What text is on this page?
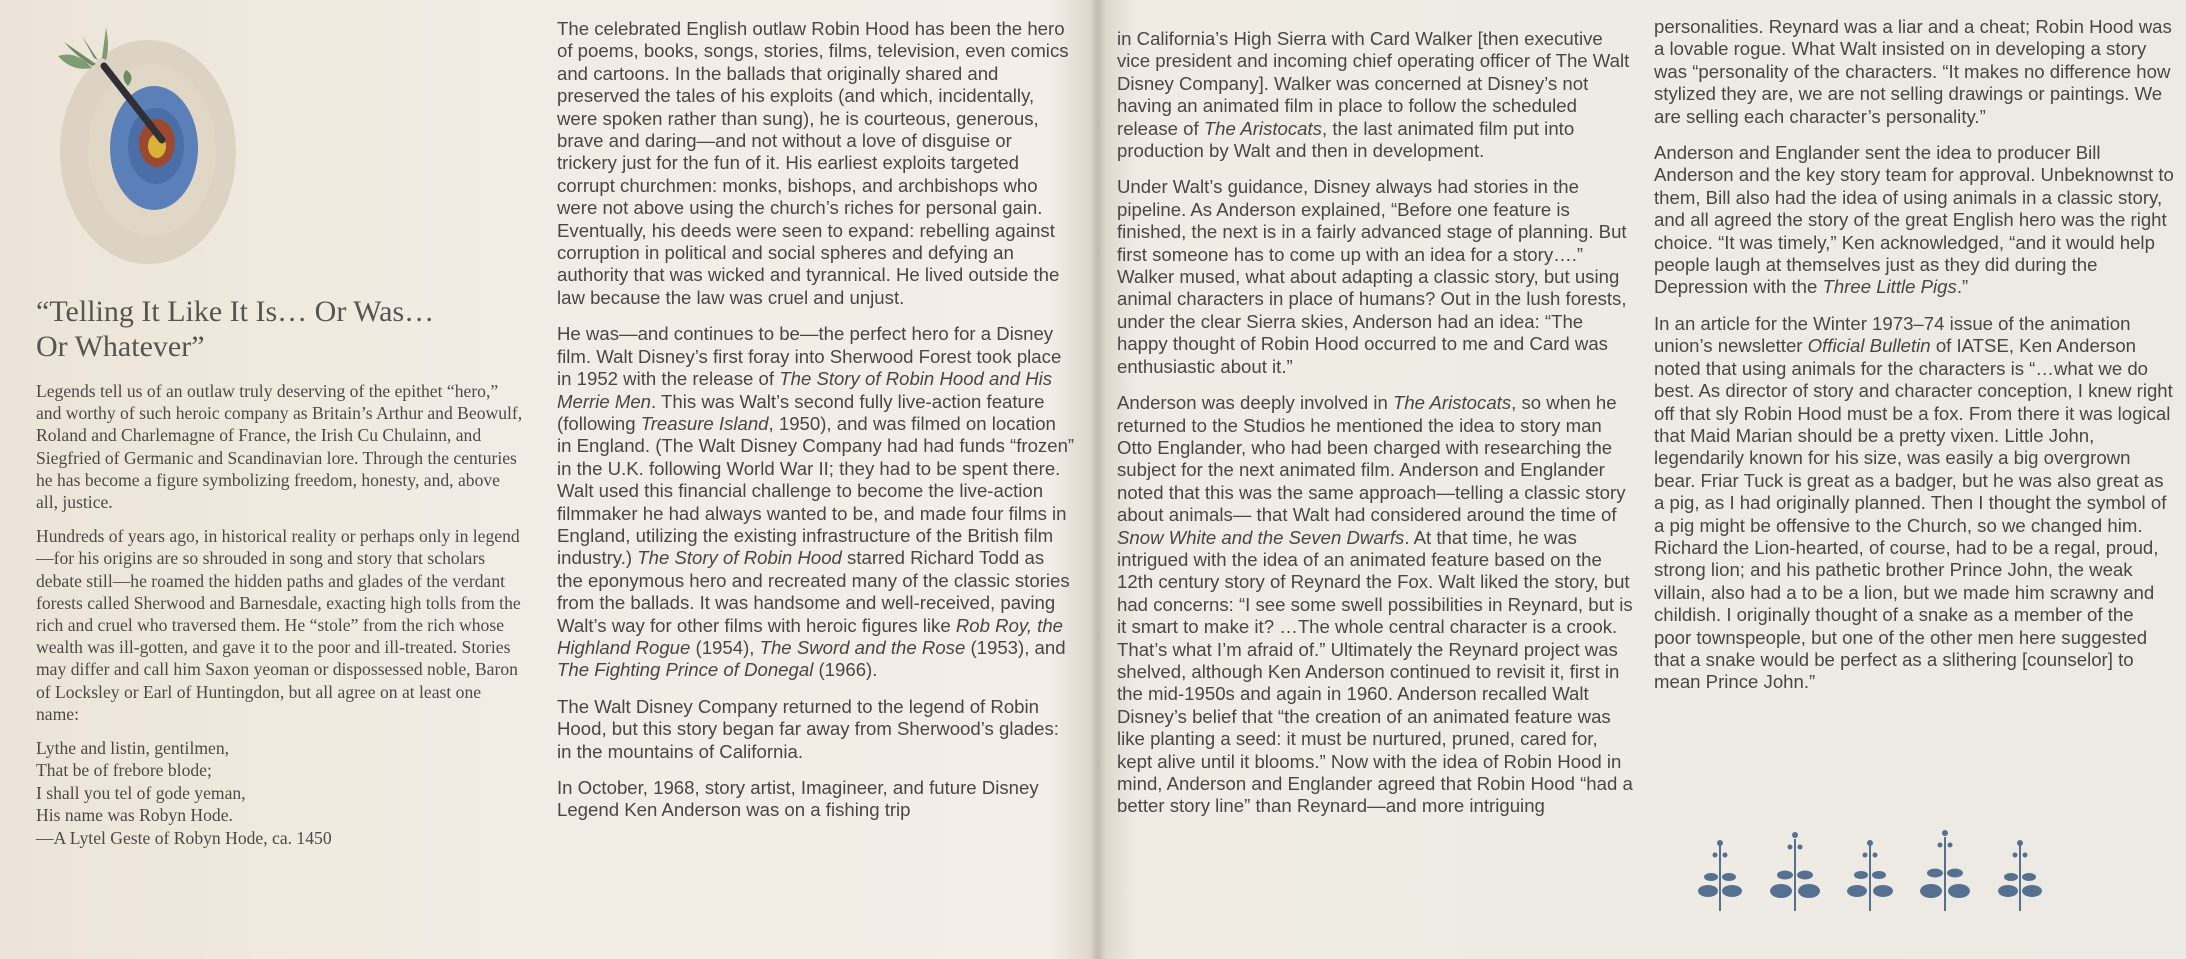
“Telling It Like It Is… Or Was…
Or Whatever”

Legends tell us of an outlaw truly deserving of the epithet “hero,” and worthy of such heroic company as Britain’s Arthur and Beowulf, Roland and Charlemagne of France, the Irish Cu Chulainn, and Siegfried of Germanic and Scandinavian lore. Through the centuries he has become a figure symbolizing freedom, honesty, and, above all, justice.

Hundreds of years ago, in historical reality or perhaps only in legend—for his origins are so shrouded in song and story that scholars debate still—he roamed the hidden paths and glades of the verdant forests called Sherwood and Barnesdale, exacting high tolls from the rich and cruel who traversed them. He “stole” from the rich whose wealth was ill-gotten, and gave it to the poor and ill-treated. Stories may differ and call him Saxon yeoman or dispossessed noble, Baron of Locksley or Earl of Huntingdon, but all agree on at least one name:

Lythe and listin, gentilmen,
That be of frebore blode;
I shall you tel of gode yeman,
His name was Robyn Hode.
—A Lytel Geste of Robyn Hode, ca. 1450

The celebrated English outlaw Robin Hood has been the hero of poems, books, songs, stories, films, television, even comics and cartoons. In the ballads that originally shared and preserved the tales of his exploits (and which, incidentally, were spoken rather than sung), he is courteous, generous, brave and daring—and not without a love of disguise or trickery just for the fun of it. His earliest exploits targeted corrupt churchmen: monks, bishops, and archbishops who were not above using the church’s riches for personal gain. Eventually, his deeds were seen to expand: rebelling against corruption in political and social spheres and defying an authority that was wicked and tyrannical. He lived outside the law because the law was cruel and unjust.

He was—and continues to be—the perfect hero for a Disney film. Walt Disney’s first foray into Sherwood Forest took place in 1952 with the release of The Story of Robin Hood and His Merrie Men. This was Walt’s second fully live-action feature (following Treasure Island, 1950), and was filmed on location in England. (The Walt Disney Company had had funds “frozen” in the U.K. following World War II; they had to be spent there. Walt used this financial challenge to become the live-action filmmaker he had always wanted to be, and made four films in England, utilizing the existing infrastructure of the British film industry.) The Story of Robin Hood starred Richard Todd as the eponymous hero and recreated many of the classic stories from the ballads. It was handsome and well-received, paving Walt’s way for other films with heroic figures like Rob Roy, the Highland Rogue (1954), The Sword and the Rose (1953), and The Fighting Prince of Donegal (1966).

The Walt Disney Company returned to the legend of Robin Hood, but this story began far away from Sherwood’s glades: in the mountains of California.

In October, 1968, story artist, Imagineer, and future Disney Legend Ken Anderson was on a fishing trip

in California’s High Sierra with Card Walker [then executive vice president and incoming chief operating officer of The Walt Disney Company]. Walker was concerned at Disney’s not having an animated film in place to follow the scheduled release of The Aristocats, the last animated film put into production by Walt and then in development.

Under Walt’s guidance, Disney always had stories in the pipeline. As Anderson explained, “Before one feature is finished, the next is in a fairly advanced stage of planning. But first someone has to come up with an idea for a story….” Walker mused, what about adapting a classic story, but using animal characters in place of humans? Out in the lush forests, under the clear Sierra skies, Anderson had an idea: “The happy thought of Robin Hood occurred to me and Card was enthusiastic about it.”

Anderson was deeply involved in The Aristocats, so when he returned to the Studios he mentioned the idea to story man Otto Englander, who had been charged with researching the subject for the next animated film. Anderson and Englander noted that this was the same approach—telling a classic story about animals— that Walt had considered around the time of Snow White and the Seven Dwarfs. At that time, he was intrigued with the idea of an animated feature based on the 12th century story of Reynard the Fox. Walt liked the story, but had concerns: “I see some swell possibilities in Reynard, but is it smart to make it? …The whole central character is a crook. That’s what I’m afraid of.” Ultimately the Reynard project was shelved, although Ken Anderson continued to revisit it, first in the mid-1950s and again in 1960. Anderson recalled Walt Disney’s belief that “the creation of an animated feature was like planting a seed: it must be nurtured, pruned, cared for, kept alive until it blooms.” Now with the idea of Robin Hood in mind, Anderson and Englander agreed that Robin Hood “had a better story line” than Reynard—and more intriguing

personalities. Reynard was a liar and a cheat; Robin Hood was a lovable rogue. What Walt insisted on in developing a story was “personality of the characters. “It makes no difference how stylized they are, we are not selling drawings or paintings. We are selling each character’s personality.”

Anderson and Englander sent the idea to producer Bill Anderson and the key story team for approval. Unbeknownst to them, Bill also had the idea of using animals in a classic story, and all agreed the story of the great English hero was the right choice. “It was timely,” Ken acknowledged, “and it would help people laugh at themselves just as they did during the Depression with the Three Little Pigs.”

In an article for the Winter 1973–74 issue of the animation union’s newsletter Official Bulletin of IATSE, Ken Anderson noted that using animals for the characters is “…what we do best. As director of story and character conception, I knew right off that sly Robin Hood must be a fox. From there it was logical that Maid Marian should be a pretty vixen. Little John, legendarily known for his size, was easily a big overgrown bear. Friar Tuck is great as a badger, but he was also great as a pig, as I had originally planned. Then I thought the symbol of a pig might be offensive to the Church, so we changed him. Richard the Lion-hearted, of course, had to be a regal, proud, strong lion; and his pathetic brother Prince John, the weak villain, also had a to be a lion, but we made him scrawny and childish. I originally thought of a snake as a member of the poor townspeople, but one of the other men here suggested that a snake would be perfect as a slithering [counselor] to mean Prince John.”
